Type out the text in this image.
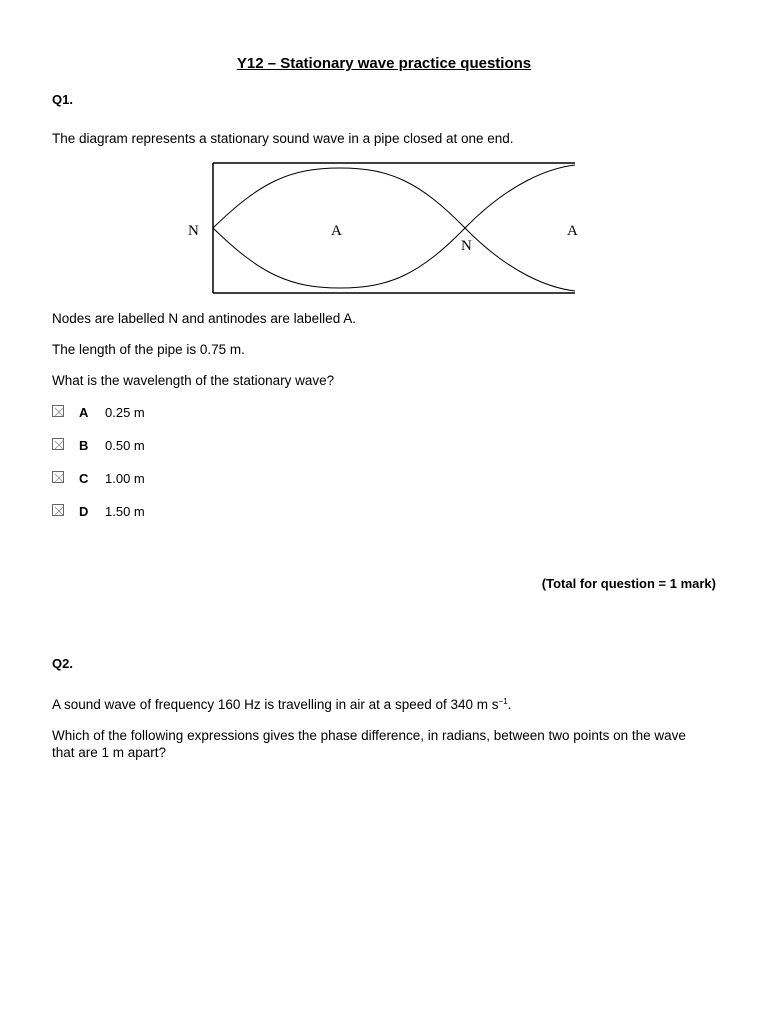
Y12 – Stationary wave practice questions
Q1.
The diagram represents a stationary sound wave in a pipe closed at one end.
N	A
N
A
Nodes are labelled N and antinodes are labelled A.
The length of the pipe is 0.75 m.
What is the wavelength of the stationary wave?
A 0.25 m
B 0.50 m
C 1.00 m
D 1.50 m
(Total for question = 1 mark)
Q2.
A sound wave of frequency 160 Hz is travelling in air at a speed of 340 m $s^{-1}$.
Which of the following expressions gives the phase difference, in radians, between two points on the wave that are 1 m apart?
